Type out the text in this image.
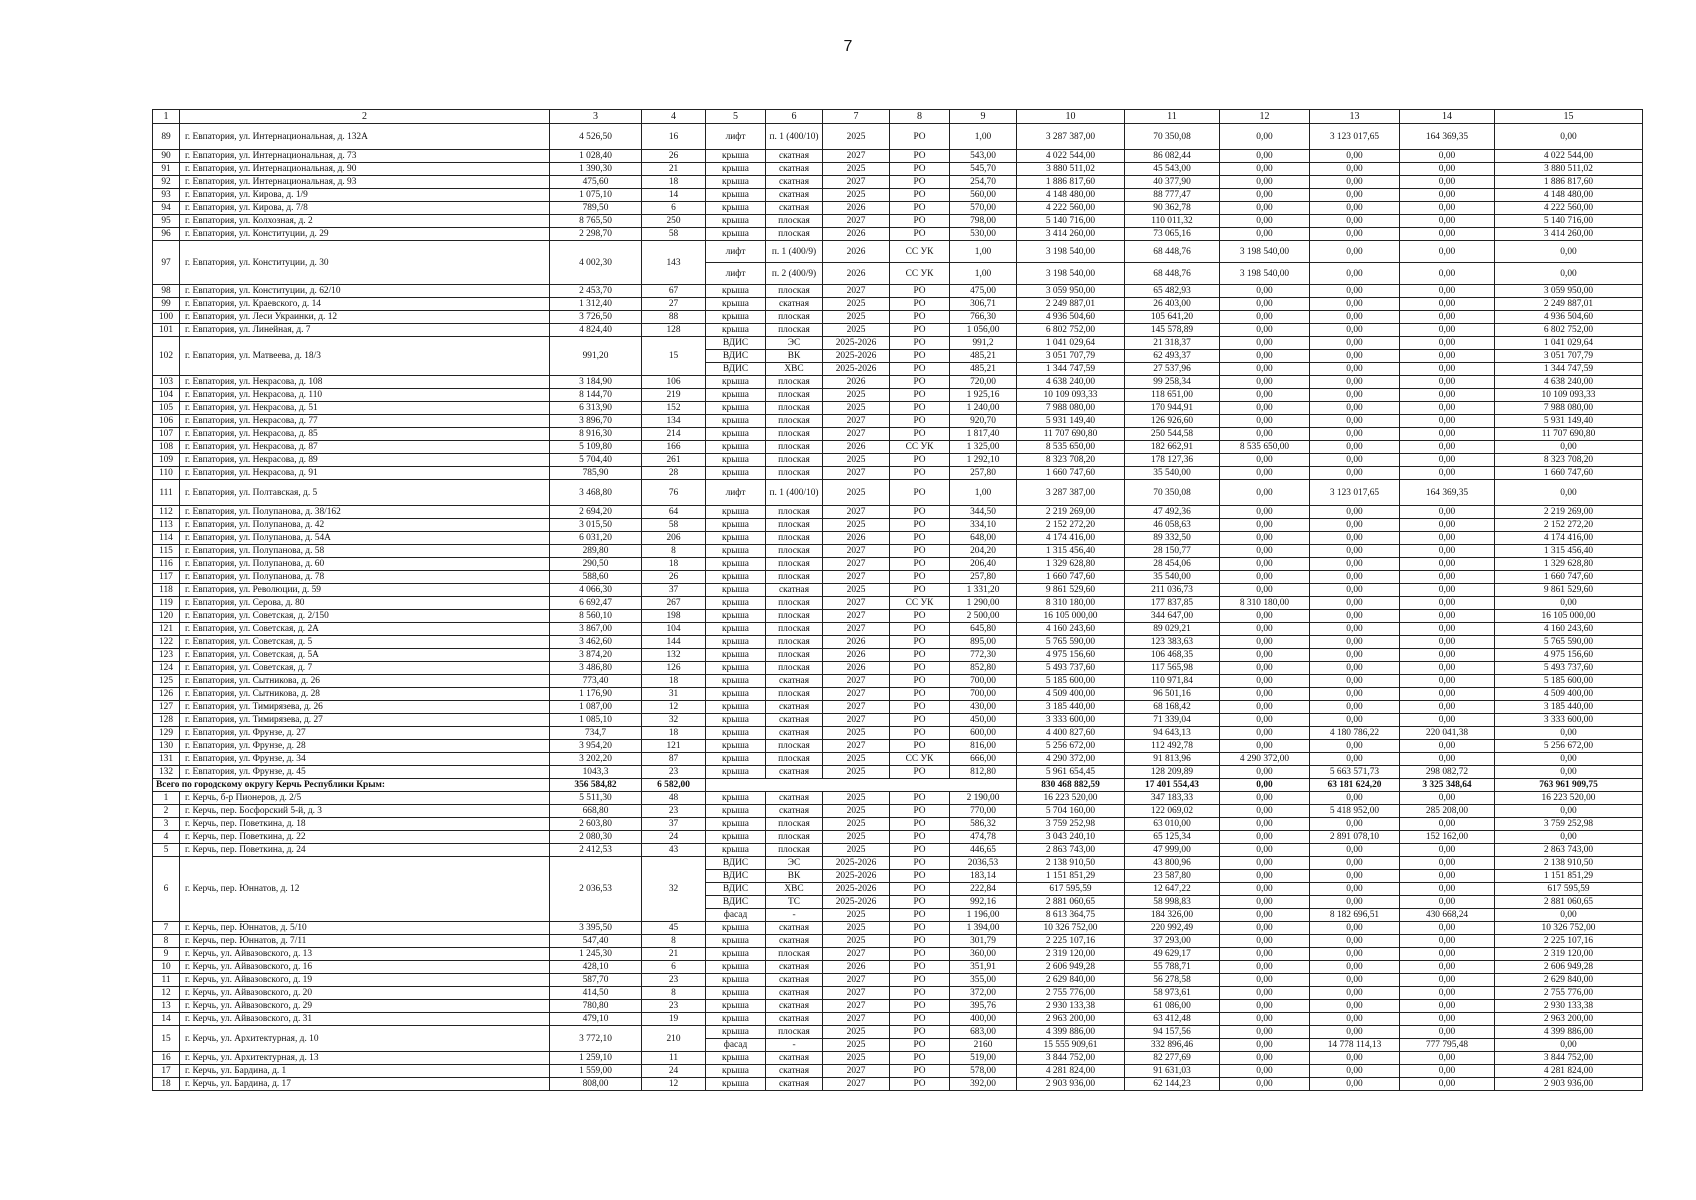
7
1	2	3	4	5	6	7	8	9	10	11	12	13	14	15
89	г. Евпатория, ул. Интернациональная, д. 132А	4 526,50	16	лифт	п. 1 (400/10)	2025	РО	1,00	3 287 387,00	70 350,08	0,00	3 123 017,65	164 369,35	0,00
90	г. Евпатория, ул. Интернациональная, д. 73	1 028,40	26	крыша	скатная	2027	РО	543,00	4 022 544,00	86 082,44	0,00	0,00	0,00	4 022 544,00
91	г. Евпатория, ул. Интернациональная, д. 90	1 390,30	21	крыша	скатная	2025	РО	545,70	3 880 511,02	45 543,00	0,00	0,00	0,00	3 880 511,02
92	г. Евпатория, ул. Интернациональная, д. 93	475,60	18	крыша	скатная	2027	РО	254,70	1 886 817,60	40 377,90	0,00	0,00	0,00	1 886 817,60
93	г. Евпатория, ул. Кирова, д. 1/9	1 075,10	14	крыша	скатная	2025	РО	560,00	4 148 480,00	88 777,47	0,00	0,00	0,00	4 148 480,00
94	г. Евпатория, ул. Кирова, д. 7/8	789,50	6	крыша	скатная	2026	РО	570,00	4 222 560,00	90 362,78	0,00	0,00	0,00	4 222 560,00
95	г. Евпатория, ул. Колхозная, д. 2	8 765,50	250	крыша	плоская	2027	РО	798,00	5 140 716,00	110 011,32	0,00	0,00	0,00	5 140 716,00
96	г. Евпатория, ул. Конституции, д. 29	2 298,70	58	крыша	плоская	2026	РО	530,00	3 414 260,00	73 065,16	0,00	0,00	0,00	3 414 260,00
97	г. Евпатория, ул. Конституции, д. 30	4 002,30	143	лифт	п. 1 (400/9)	2026	СС УК	1,00	3 198 540,00	68 448,76	3 198 540,00	0,00	0,00	0,00
				лифт	п. 2 (400/9)	2026	СС УК	1,00	3 198 540,00	68 448,76	3 198 540,00	0,00	0,00	0,00
98	г. Евпатория, ул. Конституции, д. 62/10	2 453,70	67	крыша	плоская	2027	РО	475,00	3 059 950,00	65 482,93	0,00	0,00	0,00	3 059 950,00
99	г. Евпатория, ул. Краевского, д. 14	1 312,40	27	крыша	скатная	2025	РО	306,71	2 249 887,01	26 403,00	0,00	0,00	0,00	2 249 887,01
100	г. Евпатория, ул. Леси Украинки, д. 12	3 726,50	88	крыша	плоская	2025	РО	766,30	4 936 504,60	105 641,20	0,00	0,00	0,00	4 936 504,60
101	г. Евпатория, ул. Линейная, д. 7	4 824,40	128	крыша	плоская	2025	РО	1 056,00	6 802 752,00	145 578,89	0,00	0,00	0,00	6 802 752,00
102	г. Евпатория, ул. Матвеева, д. 18/3	991,20	15	ВДИС	ЭС	2025-2026	РО	991,2	1 041 029,64	21 318,37	0,00	0,00	0,00	1 041 029,64
				ВДИС	ВК	2025-2026	РО	485,21	3 051 707,79	62 493,37	0,00	0,00	0,00	3 051 707,79
				ВДИС	ХВС	2025-2026	РО	485,21	1 344 747,59	27 537,96	0,00	0,00	0,00	1 344 747,59
103	г. Евпатория, ул. Некрасова, д. 108	3 184,90	106	крыша	плоская	2026	РО	720,00	4 638 240,00	99 258,34	0,00	0,00	0,00	4 638 240,00
104	г. Евпатория, ул. Некрасова, д. 110	8 144,70	219	крыша	плоская	2025	РО	1 925,16	10 109 093,33	118 651,00	0,00	0,00	0,00	10 109 093,33
105	г. Евпатория, ул. Некрасова, д. 51	6 313,90	152	крыша	плоская	2025	РО	1 240,00	7 988 080,00	170 944,91	0,00	0,00	0,00	7 988 080,00
106	г. Евпатория, ул. Некрасова, д. 77	3 896,70	134	крыша	плоская	2027	РО	920,70	5 931 149,40	126 926,60	0,00	0,00	0,00	5 931 149,40
107	г. Евпатория, ул. Некрасова, д. 85	8 916,30	214	крыша	плоская	2027	РО	1 817,40	11 707 690,80	250 544,58	0,00	0,00	0,00	11 707 690,80
108	г. Евпатория, ул. Некрасова, д. 87	5 109,80	166	крыша	плоская	2026	СС УК	1 325,00	8 535 650,00	182 662,91	8 535 650,00	0,00	0,00	0,00
109	г. Евпатория, ул. Некрасова, д. 89	5 704,40	261	крыша	плоская	2025	РО	1 292,10	8 323 708,20	178 127,36	0,00	0,00	0,00	8 323 708,20
110	г. Евпатория, ул. Некрасова, д. 91	785,90	28	крыша	плоская	2027	РО	257,80	1 660 747,60	35 540,00	0,00	0,00	0,00	1 660 747,60
111	г. Евпатория, ул. Полтавская, д. 5	3 468,80	76	лифт	п. 1 (400/10)	2025	РО	1,00	3 287 387,00	70 350,08	0,00	3 123 017,65	164 369,35	0,00
112	г. Евпатория, ул. Полупанова, д. 38/162	2 694,20	64	крыша	плоская	2027	РО	344,50	2 219 269,00	47 492,36	0,00	0,00	0,00	2 219 269,00
113	г. Евпатория, ул. Полупанова, д. 42	3 015,50	58	крыша	плоская	2025	РО	334,10	2 152 272,20	46 058,63	0,00	0,00	0,00	2 152 272,20
114	г. Евпатория, ул. Полупанова, д. 54А	6 031,20	206	крыша	плоская	2026	РО	648,00	4 174 416,00	89 332,50	0,00	0,00	0,00	4 174 416,00
115	г. Евпатория, ул. Полупанова, д. 58	289,80	8	крыша	плоская	2027	РО	204,20	1 315 456,40	28 150,77	0,00	0,00	0,00	1 315 456,40
116	г. Евпатория, ул. Полупанова, д. 60	290,50	18	крыша	плоская	2027	РО	206,40	1 329 628,80	28 454,06	0,00	0,00	0,00	1 329 628,80
117	г. Евпатория, ул. Полупанова, д. 78	588,60	26	крыша	плоская	2027	РО	257,80	1 660 747,60	35 540,00	0,00	0,00	0,00	1 660 747,60
118	г. Евпатория, ул. Революции, д. 59	4 066,30	37	крыша	скатная	2025	РО	1 331,20	9 861 529,60	211 036,73	0,00	0,00	0,00	9 861 529,60
119	г. Евпатория, ул. Серова, д. 80	6 692,47	267	крыша	плоская	2027	СС УК	1 290,00	8 310 180,00	177 837,85	8 310 180,00	0,00	0,00	0,00
120	г. Евпатория, ул. Советская, д. 2/150	8 560,10	198	крыша	плоская	2027	РО	2 500,00	16 105 000,00	344 647,00	0,00	0,00	0,00	16 105 000,00
121	г. Евпатория, ул. Советская, д. 2А	3 867,00	104	крыша	плоская	2027	РО	645,80	4 160 243,60	89 029,21	0,00	0,00	0,00	4 160 243,60
122	г. Евпатория, ул. Советская, д. 5	3 462,60	144	крыша	плоская	2026	РО	895,00	5 765 590,00	123 383,63	0,00	0,00	0,00	5 765 590,00
123	г. Евпатория, ул. Советская, д. 5А	3 874,20	132	крыша	плоская	2026	РО	772,30	4 975 156,60	106 468,35	0,00	0,00	0,00	4 975 156,60
124	г. Евпатория, ул. Советская, д. 7	3 486,80	126	крыша	плоская	2026	РО	852,80	5 493 737,60	117 565,98	0,00	0,00	0,00	5 493 737,60
125	г. Евпатория, ул. Сытникова, д. 26	773,40	18	крыша	скатная	2027	РО	700,00	5 185 600,00	110 971,84	0,00	0,00	0,00	5 185 600,00
126	г. Евпатория, ул. Сытникова, д. 28	1 176,90	31	крыша	плоская	2027	РО	700,00	4 509 400,00	96 501,16	0,00	0,00	0,00	4 509 400,00
127	г. Евпатория, ул. Тимирязева, д. 26	1 087,00	12	крыша	скатная	2027	РО	430,00	3 185 440,00	68 168,42	0,00	0,00	0,00	3 185 440,00
128	г. Евпатория, ул. Тимирязева, д. 27	1 085,10	32	крыша	скатная	2027	РО	450,00	3 333 600,00	71 339,04	0,00	0,00	0,00	3 333 600,00
129	г. Евпатория, ул. Фрунзе, д. 27	734,7	18	крыша	скатная	2025	РО	600,00	4 400 827,60	94 643,13	0,00	4 180 786,22	220 041,38	0,00
130	г. Евпатория, ул. Фрунзе, д. 28	3 954,20	121	крыша	плоская	2027	РО	816,00	5 256 672,00	112 492,78	0,00	0,00	0,00	5 256 672,00
131	г. Евпатория, ул. Фрунзе, д. 34	3 202,20	87	крыша	плоская	2025	СС УК	666,00	4 290 372,00	91 813,96	4 290 372,00	0,00	0,00	0,00
132	г. Евпатория, ул. Фрунзе, д. 45	1043,3	23	крыша	скатная	2025	РО	812,80	5 961 654,45	128 209,89	0,00	5 663 571,73	298 082,72	0,00
Всего по городскому округу Керчь Республики Крым:		356 584,82	6 582,00						830 468 882,59	17 401 554,43	0,00	63 181 624,20	3 325 348,64	763 961 909,75
1	г. Керчь, б-р Пионеров, д. 2/5	5 511,30	48	крыша	скатная	2025	РО	2 190,00	16 223 520,00	347 183,33	0,00	0,00	0,00	16 223 520,00
2	г. Керчь, пер. Босфорский 5-й, д. 3	668,80	23	крыша	скатная	2025	РО	770,00	5 704 160,00	122 069,02	0,00	5 418 952,00	285 208,00	0,00
3	г. Керчь, пер. Поветкина, д. 18	2 603,80	37	крыша	плоская	2025	РО	586,32	3 759 252,98	63 010,00	0,00	0,00	0,00	3 759 252,98
4	г. Керчь, пер. Поветкина, д. 22	2 080,30	24	крыша	плоская	2025	РО	474,78	3 043 240,10	65 125,34	0,00	2 891 078,10	152 162,00	0,00
5	г. Керчь, пер. Поветкина, д. 24	2 412,53	43	крыша	плоская	2025	РО	446,65	2 863 743,00	47 999,00	0,00	0,00	0,00	2 863 743,00
6	г. Керчь, пер. Юннатов, д. 12	2 036,53	32	ВДИС	ЭС	2025-2026	РО	2036,53	2 138 910,50	43 800,96	0,00	0,00	0,00	2 138 910,50
				ВДИС	ВК	2025-2026	РО	183,14	1 151 851,29	23 587,80	0,00	0,00	0,00	1 151 851,29
				ВДИС	ХВС	2025-2026	РО	222,84	617 595,59	12 647,22	0,00	0,00	0,00	617 595,59
				ВДИС	ТС	2025-2026	РО	992,16	2 881 060,65	58 998,83	0,00	0,00	0,00	2 881 060,65
				фасад	-	2025	РО	1 196,00	8 613 364,75	184 326,00	0,00	8 182 696,51	430 668,24	0,00
7	г. Керчь, пер. Юннатов, д. 5/10	3 395,50	45	крыша	скатная	2025	РО	1 394,00	10 326 752,00	220 992,49	0,00	0,00	0,00	10 326 752,00
8	г. Керчь, пер. Юннатов, д. 7/11	547,40	8	крыша	скатная	2025	РО	301,79	2 225 107,16	37 293,00	0,00	0,00	0,00	2 225 107,16
9	г. Керчь, ул. Айвазовского, д. 13	1 245,30	21	крыша	плоская	2027	РО	360,00	2 319 120,00	49 629,17	0,00	0,00	0,00	2 319 120,00
10	г. Керчь, ул. Айвазовского, д. 16	428,10	6	крыша	скатная	2026	РО	351,91	2 606 949,28	55 788,71	0,00	0,00	0,00	2 606 949,28
11	г. Керчь, ул. Айвазовского, д. 19	587,70	23	крыша	скатная	2027	РО	355,00	2 629 840,00	56 278,58	0,00	0,00	0,00	2 629 840,00
12	г. Керчь, ул. Айвазовского, д. 20	414,50	8	крыша	скатная	2027	РО	372,00	2 755 776,00	58 973,61	0,00	0,00	0,00	2 755 776,00
13	г. Керчь, ул. Айвазовского, д. 29	780,80	23	крыша	скатная	2027	РО	395,76	2 930 133,38	61 086,00	0,00	0,00	0,00	2 930 133,38
14	г. Керчь, ул. Айвазовского, д. 31	479,10	19	крыша	скатная	2027	РО	400,00	2 963 200,00	63 412,48	0,00	0,00	0,00	2 963 200,00
15	г. Керчь, ул. Архитектурная, д. 10	3 772,10	210	крыша	плоская	2025	РО	683,00	4 399 886,00	94 157,56	0,00	0,00	0,00	4 399 886,00
				фасад	-	2025	РО	2160	15 555 909,61	332 896,46	0,00	14 778 114,13	777 795,48	0,00
16	г. Керчь, ул. Архитектурная, д. 13	1 259,10	11	крыша	скатная	2025	РО	519,00	3 844 752,00	82 277,69	0,00	0,00	0,00	3 844 752,00
17	г. Керчь, ул. Бардина, д. 1	1 559,00	24	крыша	скатная	2027	РО	578,00	4 281 824,00	91 631,03	0,00	0,00	0,00	4 281 824,00
18	г. Керчь, ул. Бардина, д. 17	808,00	12	крыша	скатная	2027	РО	392,00	2 903 936,00	62 144,23	0,00	0,00	0,00	2 903 936,00
